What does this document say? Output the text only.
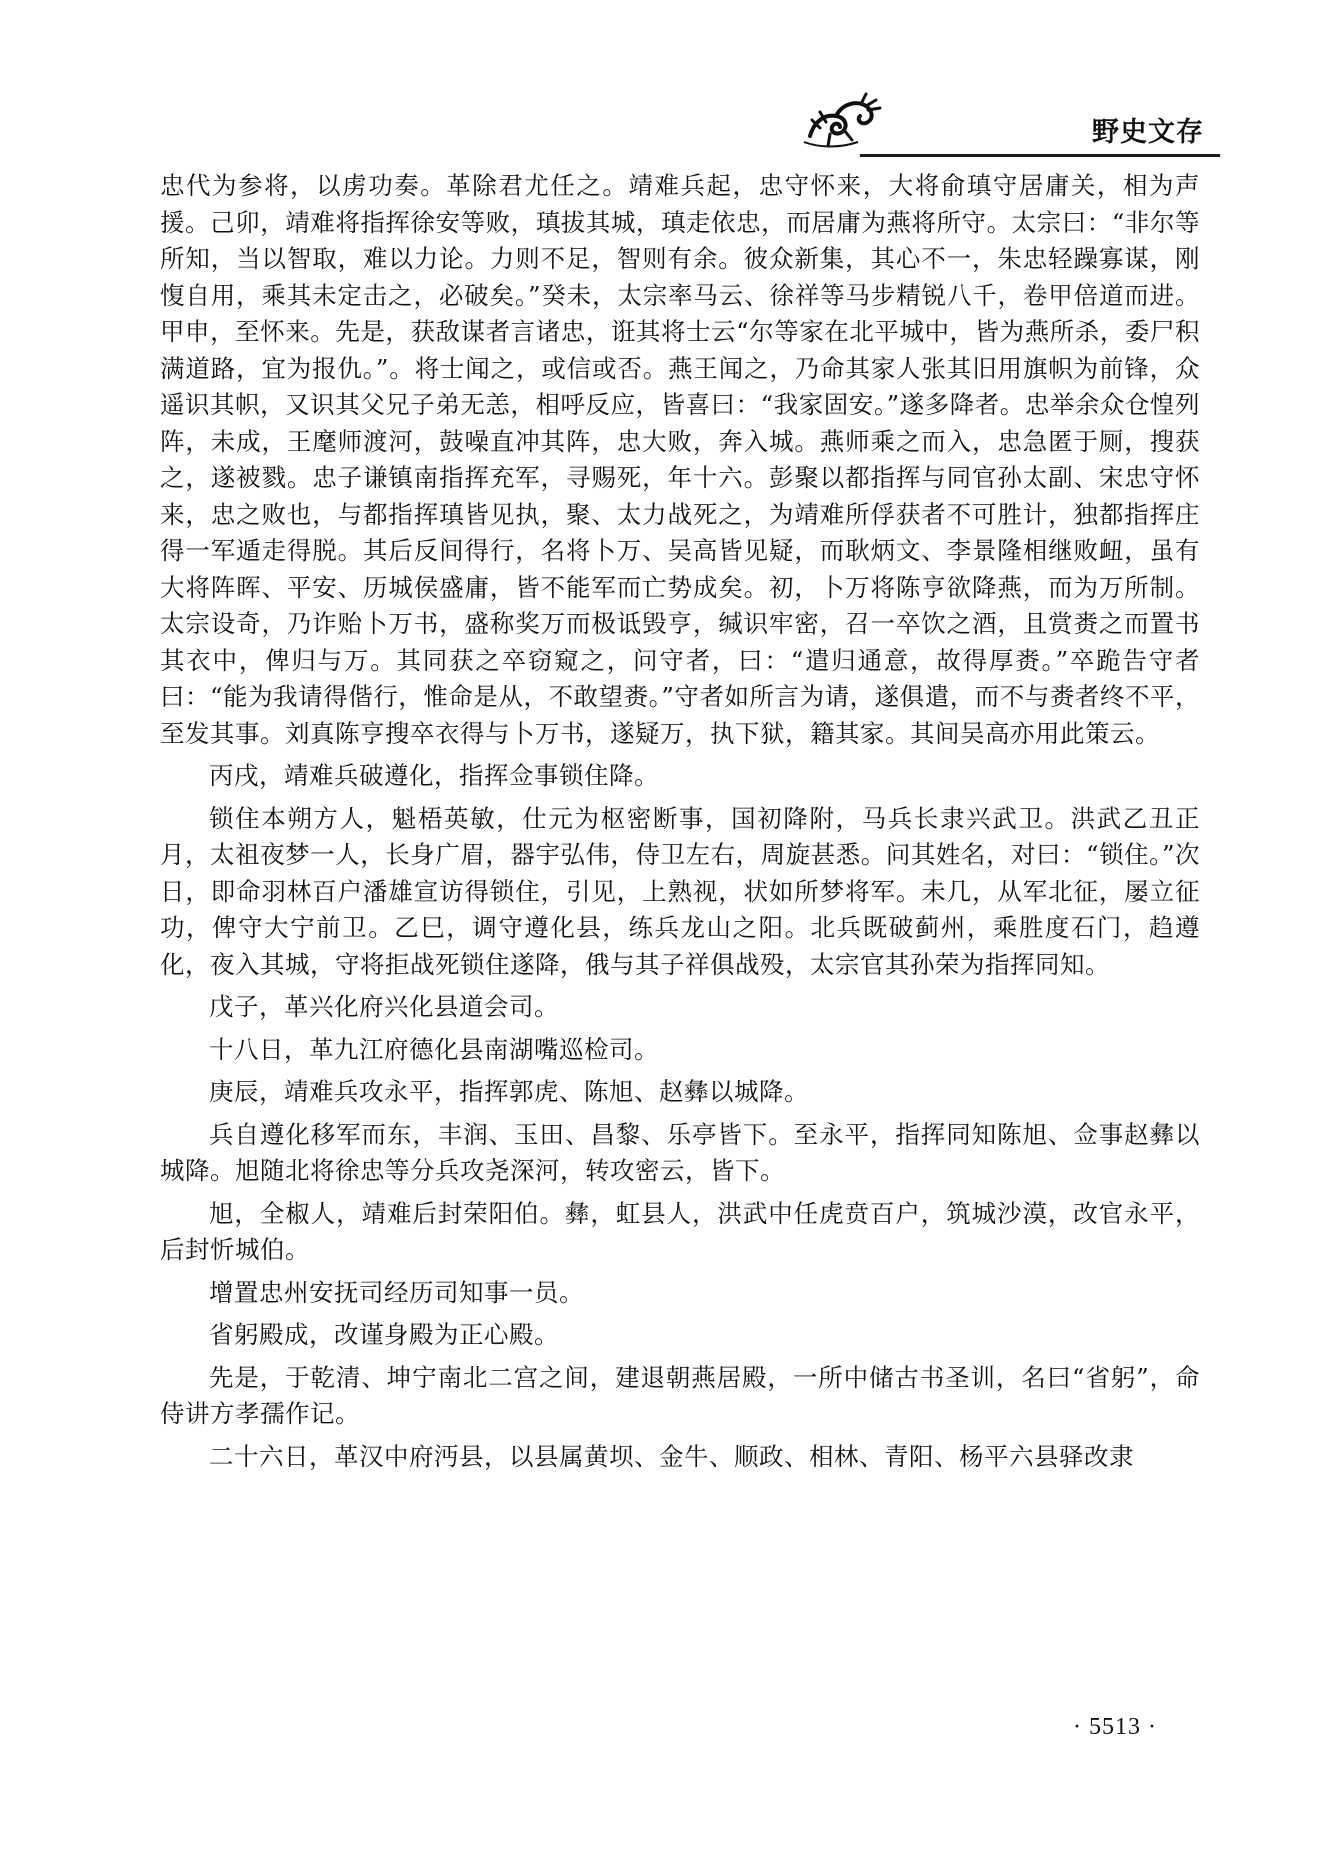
野史文存

忠代为参将，以虏功奏。革除君尤任之。靖难兵起，忠守怀来，大将俞瑱守居庸关，相为声援。己卯，靖难将指挥徐安等败，瑱拔其城，瑱走依忠，而居庸为燕将所守。太宗曰：“非尔等所知，当以智取，难以力论。力则不足，智则有余。彼众新集，其心不一，朱忠轻躁寡谋，刚愎自用，乘其未定击之，必破矣。”癸未，太宗率马云、徐祥等马步精锐八千，卷甲倍道而进。甲申，至怀来。先是，获敌谋者言诸忠，诳其将士云“尔等家在北平城中，皆为燕所杀，委尸积满道路，宜为报仇。”。将士闻之，或信或否。燕王闻之，乃命其家人张其旧用旗帜为前锋，众遥识其帜，又识其父兄子弟无恙，相呼反应，皆喜曰：“我家固安。”遂多降者。忠举余众仓惶列阵，未成，王麾师渡河，鼓噪直冲其阵，忠大败，奔入城。燕师乘之而入，忠急匿于厕，搜获之，遂被戮。忠子谦镇南指挥充军，寻赐死，年十六。彭聚以都指挥与同官孙太副、宋忠守怀来，忠之败也，与都指挥瑱皆见执，聚、太力战死之，为靖难所俘获者不可胜计，独都指挥庄得一军遁走得脱。其后反间得行，名将卜万、吴高皆见疑，而耿炳文、李景隆相继败衄，虽有大将阵晖、平安、历城侯盛庸，皆不能军而亡势成矣。初，卜万将陈亨欲降燕，而为万所制。太宗设奇，乃诈贻卜万书，盛称奖万而极诋毁亨，缄识牢密，召一卒饮之酒，且赏赉之而置书其衣中，俾归与万。其同获之卒窃窥之，问守者，曰：“遣归通意，故得厚赉。”卒跪告守者曰：“能为我请得偕行，惟命是从，不敢望赉。”守者如所言为请，遂俱遣，而不与赉者终不平，至发其事。刘真陈亨搜卒衣得与卜万书，遂疑万，执下狱，籍其家。其间吴高亦用此策云。

丙戌，靖难兵破遵化，指挥佥事锁住降。

锁住本朔方人，魁梧英敏，仕元为枢密断事，国初降附，马兵长隶兴武卫。洪武乙丑正月，太祖夜梦一人，长身广眉，器宇弘伟，侍卫左右，周旋甚悉。问其姓名，对曰：“锁住。”次日，即命羽林百户潘雄宣访得锁住，引见，上熟视，状如所梦将军。未几，从军北征，屡立征功，俾守大宁前卫。乙巳，调守遵化县，练兵龙山之阳。北兵既破蓟州，乘胜度石门，趋遵化，夜入其城，守将拒战死锁住遂降，俄与其子祥俱战殁，太宗官其孙荣为指挥同知。

戊子，革兴化府兴化县道会司。

十八日，革九江府德化县南湖嘴巡检司。

庚辰，靖难兵攻永平，指挥郭虎、陈旭、赵彝以城降。

兵自遵化移军而东，丰润、玉田、昌黎、乐亭皆下。至永平，指挥同知陈旭、佥事赵彝以城降。旭随北将徐忠等分兵攻尧深河，转攻密云，皆下。

旭，全椒人，靖难后封荣阳伯。彝，虹县人，洪武中任虎贲百户，筑城沙漠，改官永平，后封忻城伯。

增置忠州安抚司经历司知事一员。

省躬殿成，改谨身殿为正心殿。

先是，于乾清、坤宁南北二宫之间，建退朝燕居殿，一所中储古书圣训，名曰“省躬”，命侍讲方孝孺作记。

二十六日，革汉中府沔县，以县属黄坝、金牛、顺政、相林、青阳、杨平六县驿改隶

· 5513 ·
